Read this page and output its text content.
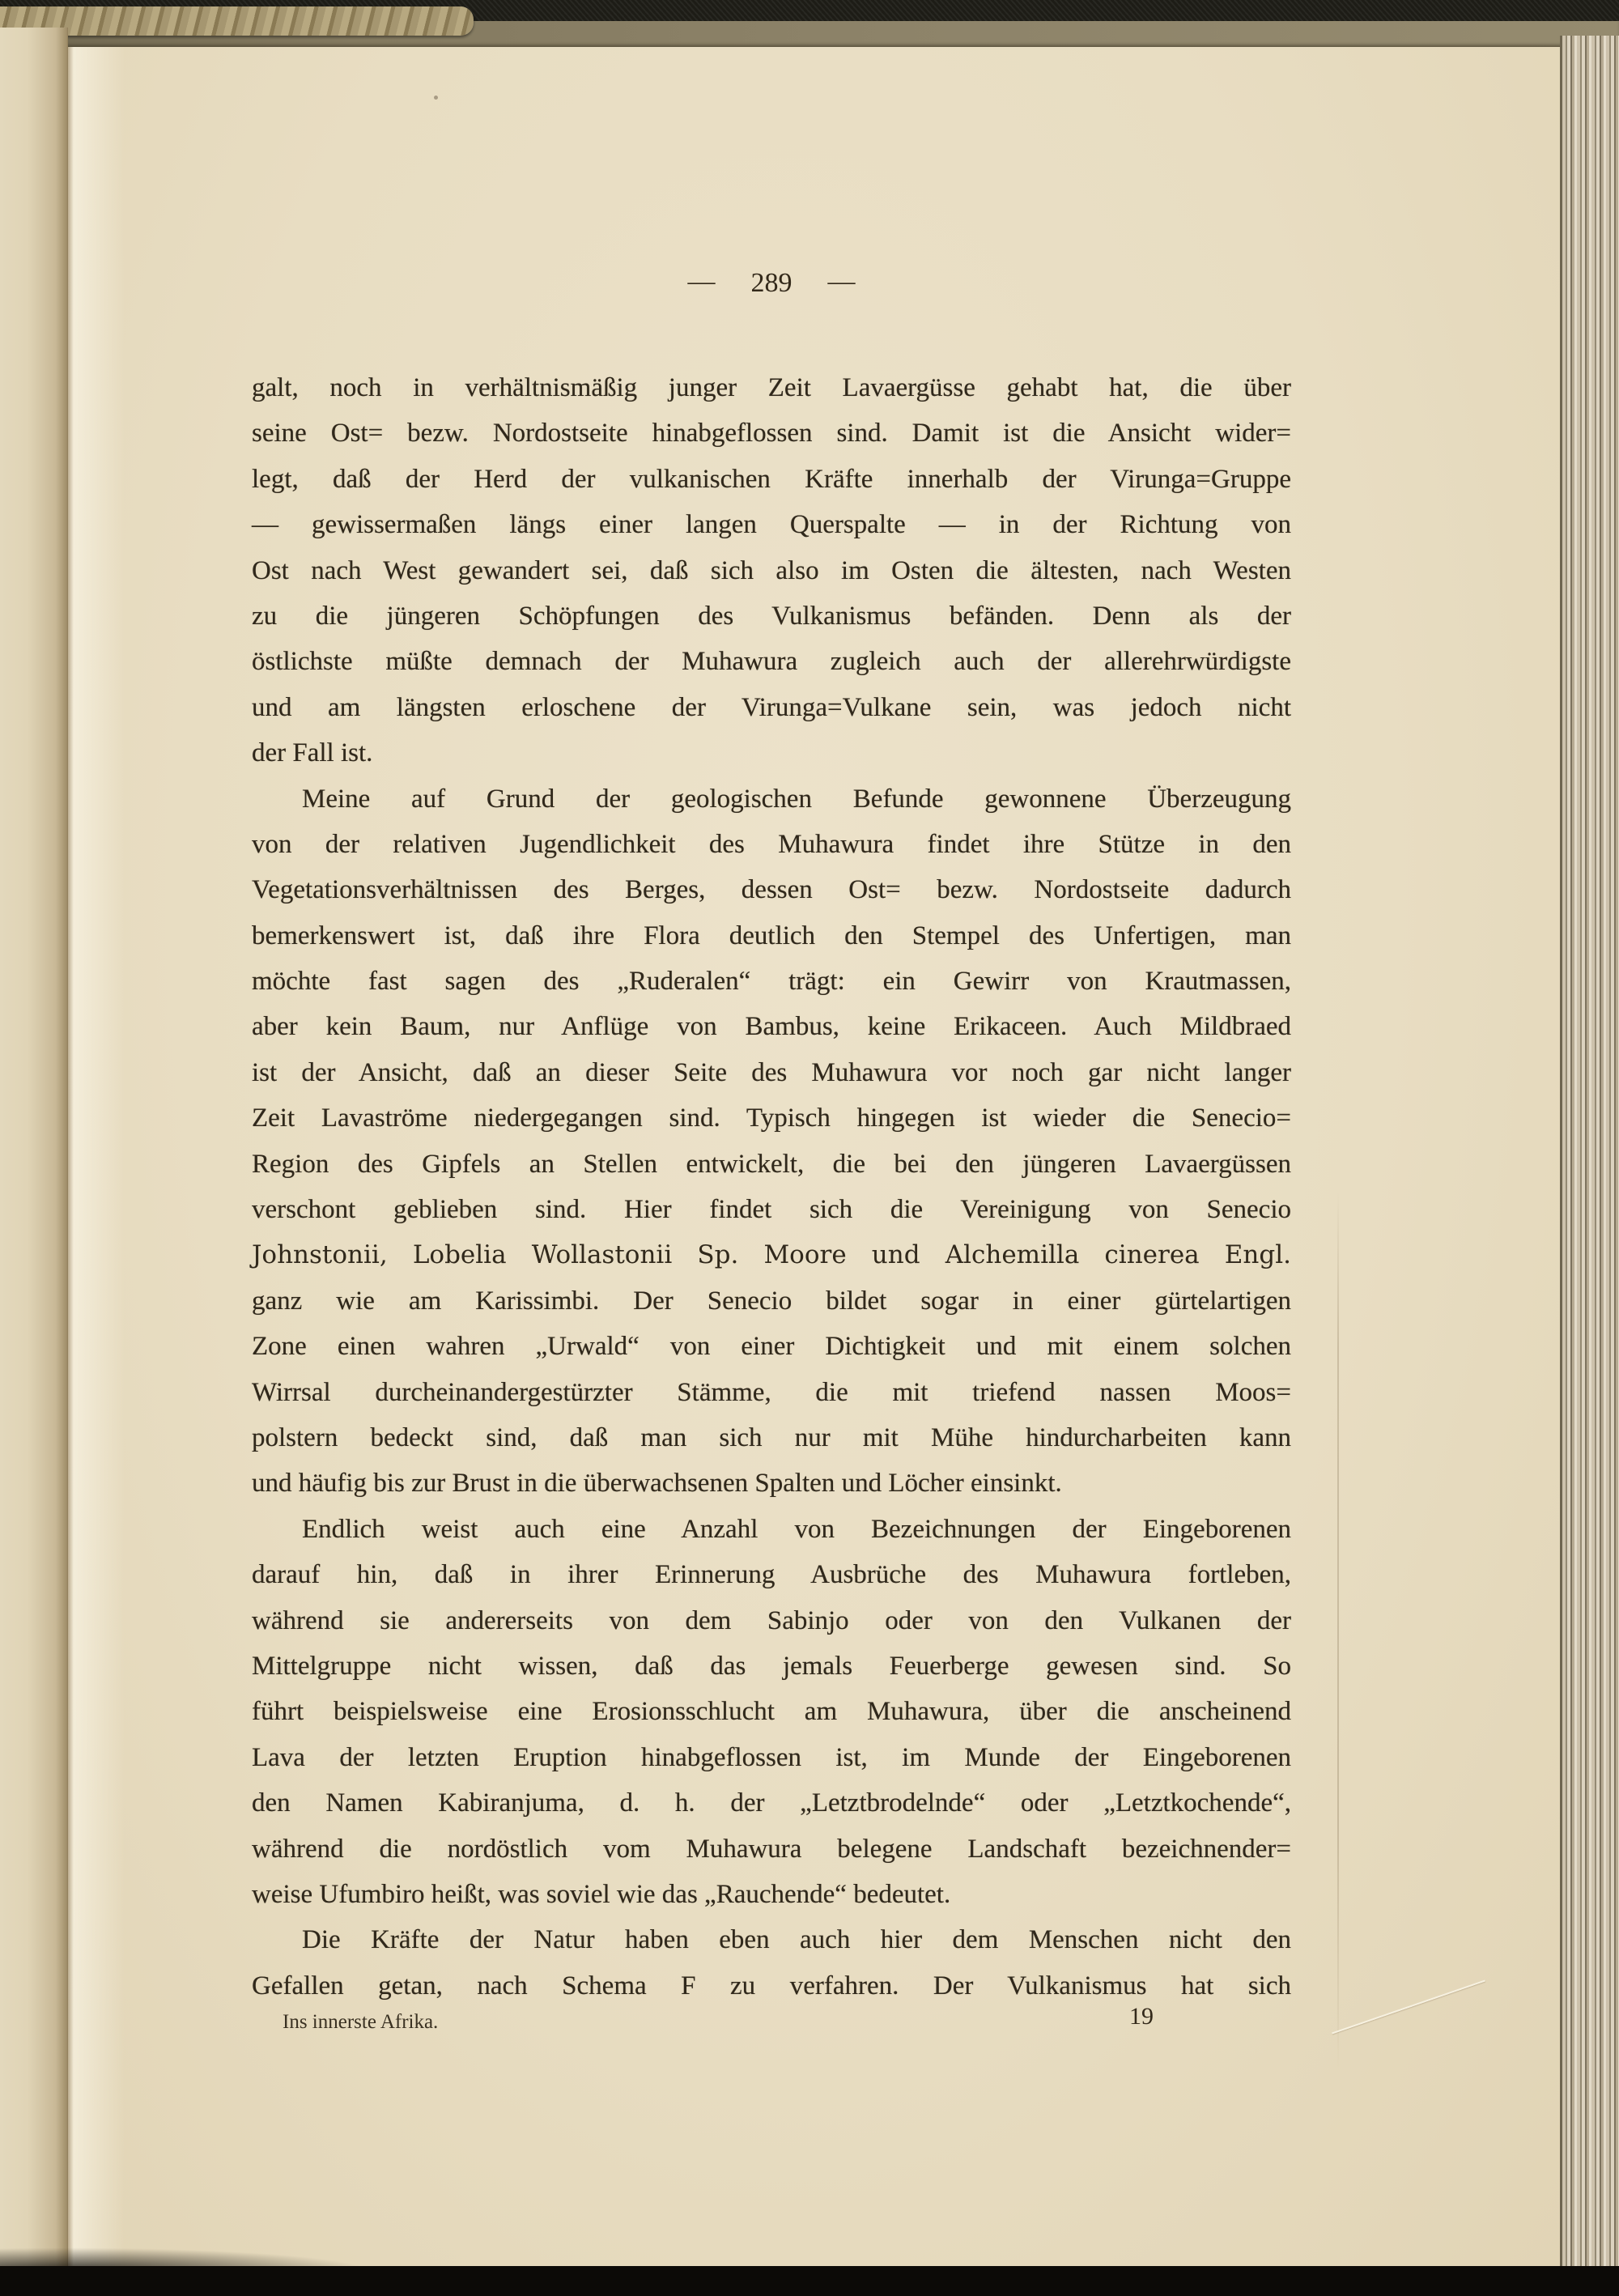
— 289 —
galt, noch in verhältnismäßig junger Zeit Lavaergüsse gehabt hat, die über
seine Ost= bezw. Nordostseite hinabgeflossen sind. Damit ist die Ansicht wider=
legt, daß der Herd der vulkanischen Kräfte innerhalb der Virunga=Gruppe
— gewissermaßen längs einer langen Querspalte — in der Richtung von
Ost nach West gewandert sei, daß sich also im Osten die ältesten, nach Westen
zu die jüngeren Schöpfungen des Vulkanismus befänden. Denn als der
östlichste müßte demnach der Muhawura zugleich auch der allerehrwürdigste
und am längsten erloschene der Virunga=Vulkane sein, was jedoch nicht
der Fall ist.
Meine auf Grund der geologischen Befunde gewonnene Überzeugung
von der relativen Jugendlichkeit des Muhawura findet ihre Stütze in den
Vegetationsverhältnissen des Berges, dessen Ost= bezw. Nordostseite dadurch
bemerkenswert ist, daß ihre Flora deutlich den Stempel des Unfertigen, man
möchte fast sagen des „Ruderalen“ trägt: ein Gewirr von Krautmassen,
aber kein Baum, nur Anflüge von Bambus, keine Erikaceen. Auch Mildbraed
ist der Ansicht, daß an dieser Seite des Muhawura vor noch gar nicht langer
Zeit Lavaströme niedergegangen sind. Typisch hingegen ist wieder die Senecio=
Region des Gipfels an Stellen entwickelt, die bei den jüngeren Lavaergüssen
verschont geblieben sind. Hier findet sich die Vereinigung von Senecio
Johnstonii, Lobelia Wollastonii Sp. Moore und Alchemilla cinerea Engl.
ganz wie am Karissimbi. Der Senecio bildet sogar in einer gürtelartigen
Zone einen wahren „Urwald“ von einer Dichtigkeit und mit einem solchen
Wirrsal durcheinandergestürzter Stämme, die mit triefend nassen Moos=
polstern bedeckt sind, daß man sich nur mit Mühe hindurcharbeiten kann
und häufig bis zur Brust in die überwachsenen Spalten und Löcher einsinkt.
Endlich weist auch eine Anzahl von Bezeichnungen der Eingeborenen
darauf hin, daß in ihrer Erinnerung Ausbrüche des Muhawura fortleben,
während sie andererseits von dem Sabinjo oder von den Vulkanen der
Mittelgruppe nicht wissen, daß das jemals Feuerberge gewesen sind. So
führt beispielsweise eine Erosionsschlucht am Muhawura, über die anscheinend
Lava der letzten Eruption hinabgeflossen ist, im Munde der Eingeborenen
den Namen Kabiranjuma, d. h. der „Letztbrodelnde“ oder „Letztkochende“,
während die nordöstlich vom Muhawura belegene Landschaft bezeichnender=
weise Ufumbiro heißt, was soviel wie das „Rauchende“ bedeutet.
Die Kräfte der Natur haben eben auch hier dem Menschen nicht den
Gefallen getan, nach Schema F zu verfahren. Der Vulkanismus hat sich
Ins innerste Afrika.	19
